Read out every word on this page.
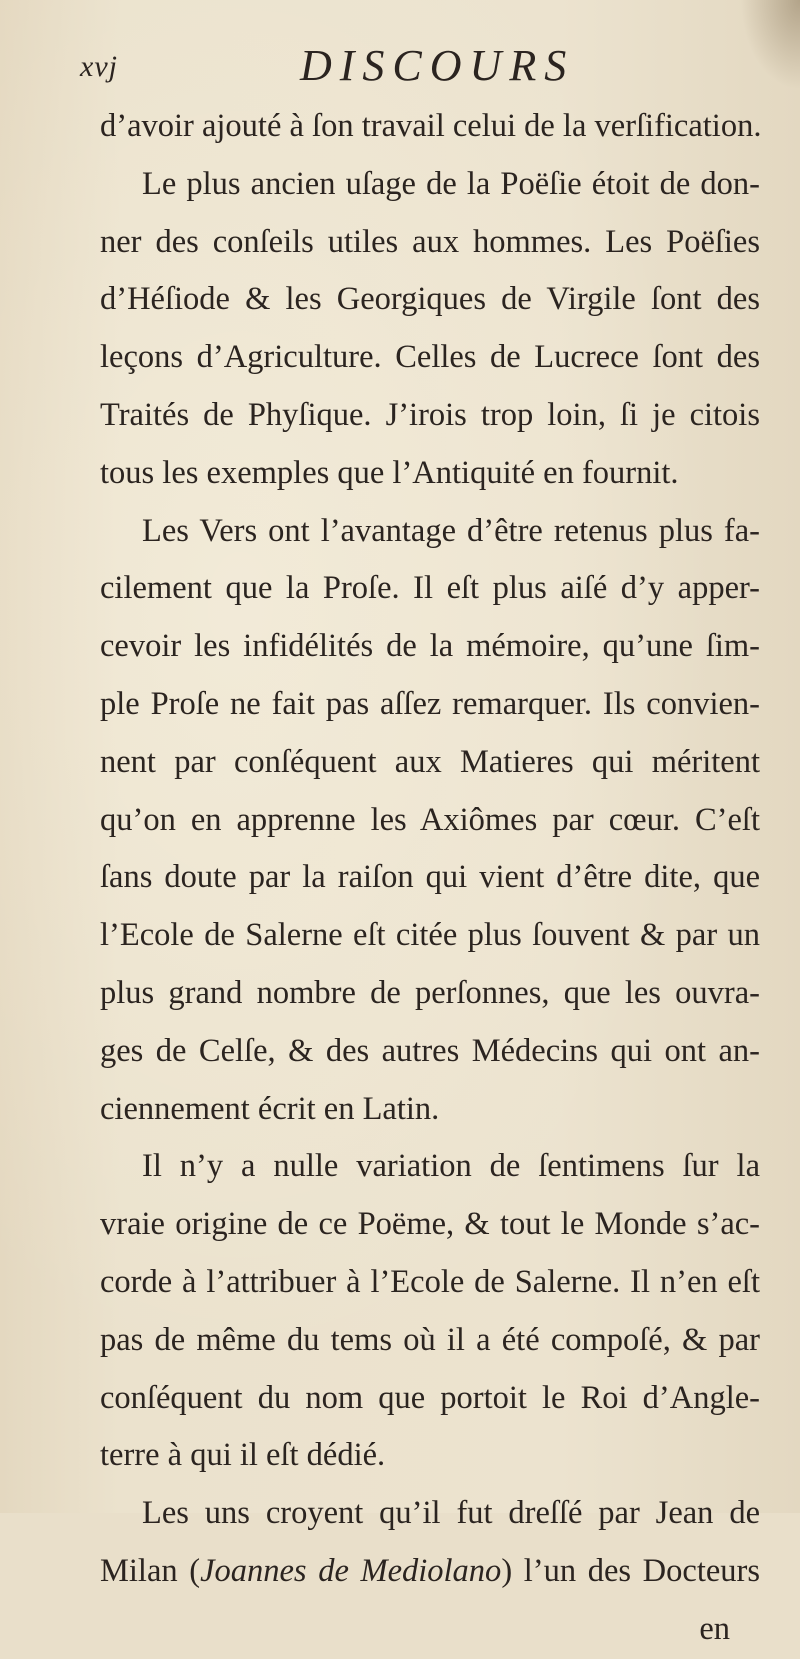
xvj	DISCOURS
d’avoir ajouté à ſon travail celui de la verſification.
Le plus ancien uſage de la Poëſie étoit de don-
ner des conſeils utiles aux hommes. Les Poëſies
d’Héſiode & les Georgiques de Virgile ſont des
leçons d’Agriculture. Celles de Lucrece ſont des
Traités de Phyſique. J’irois trop loin, ſi je citois
tous les exemples que l’Antiquité en fournit.
Les Vers ont l’avantage d’être retenus plus fa-
cilement que la Proſe. Il eſt plus aiſé d’y apper-
cevoir les infidélités de la mémoire, qu’une ſim-
ple Proſe ne fait pas aſſez remarquer. Ils convien-
nent par conſéquent aux Matieres qui méritent
qu’on en apprenne les Axiômes par cœur. C’eſt
ſans doute par la raiſon qui vient d’être dite, que
l’Ecole de Salerne eſt citée plus ſouvent & par un
plus grand nombre de perſonnes, que les ouvra-
ges de Celſe, & des autres Médecins qui ont an-
ciennement écrit en Latin.
Il n’y a nulle variation de ſentimens ſur la
vraie origine de ce Poëme, & tout le Monde s’ac-
corde à l’attribuer à l’Ecole de Salerne. Il n’en eſt
pas de même du tems où il a été compoſé, & par
conſéquent du nom que portoit le Roi d’Angle-
terre à qui il eſt dédié.
Les uns croyent qu’il fut dreſſé par Jean de
Milan (Joannes de Mediolano) l’un des Docteurs
en
